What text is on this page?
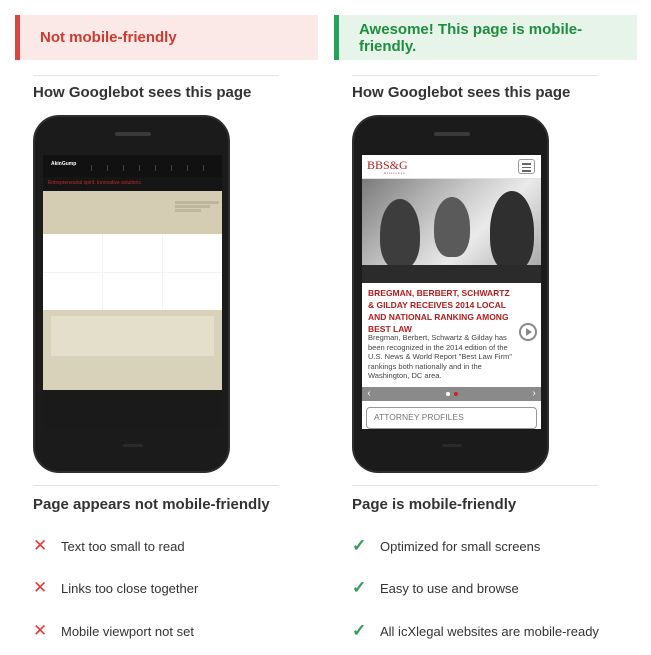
Not mobile-friendly
How Googlebot sees this page
AkinGump
Entrepreneurial spirit. Innovative solutions.
Page appears not mobile-friendly
✕	Text too small to read
✕	Links too close together
✕	Mobile viewport not set
Awesome! This page is mobile-friendly.
How Googlebot sees this page
BBS&G
Attorneys
BREGMAN, BERBERT, SCHWARTZ & GILDAY RECEIVES 2014 LOCAL AND NATIONAL RANKING AMONG BEST LAW
Bregman, Berbert, Schwartz & Gilday has been recognized in the 2014 edition of the U.S. News & World Report "Best Law Firm" rankings both nationally and in the Washington, DC area.
‹	›
ATTORNEY PROFILES
Page is mobile-friendly
✓	Optimized for small screens
✓	Easy to use and browse
✓	All icXlegal websites are mobile-ready
